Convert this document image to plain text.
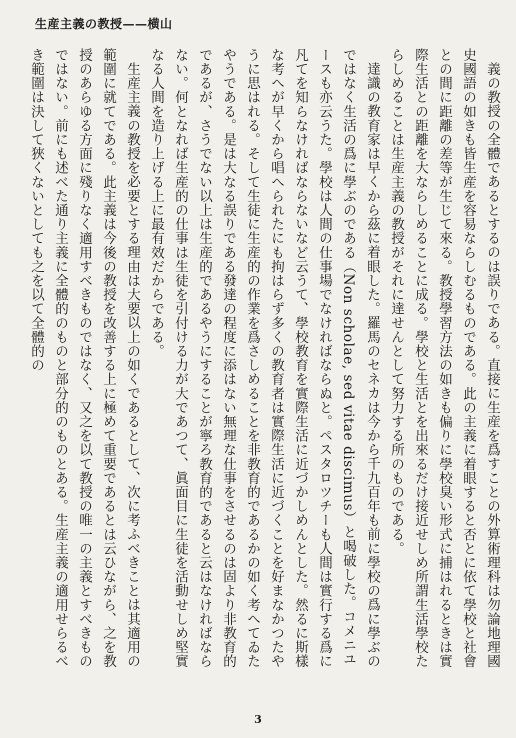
生産主義の教授——横山

義の教授の全體であるとするのは誤りである。直接に生産を爲すことの外算術理科は勿論地理國史國語の如きも皆生産を容易ならしむるものである。此の主義に着眼すると否とに依て學校と社會との間に距離の差等が生じて來る。教授學習方法の如きも偏りに學校臭い形式に捕はれるときは實際生活との距離を大ならしめることに成る。學校と生活とを出來るだけ接近せしめ所謂生活學校たらしめることは生産主義の教授がそれに達せんとして努力する所のものである。

達識の教育家は早くから茲に着眼した。羅馬のセネカは今から千九百年も前に學校の爲に學ぶのではなく生活の爲に學ぶのである（Non scholae, sed vitae discimus）と喝破した。コメニユースも亦云うた。學校は人間の仕事場でなければならぬと。ペスタロツチーも人間は實行する爲に凡てを知らなければならないなど云うて、學校教育を實際生活に近づかしめんとした。然るに斯樣な考へが早くから唱へられたにも拘はらず多くの教育者は實際生活に近づくことを好まなかつたやうに思はれる。そして生徒に生産的の作業を爲さしめることを非教育的であるかの如く考へてゐたやうである。是は大なる誤りである發達の程度に添はない無理な仕事をさせるのは固より非教育的であるが、さうでない以上は生産的であるやうにすることが寧ろ教育的であると云はなければならない。何となれば生産的の仕事は生徒を引付ける力が大であつて、眞面目に生徒を活動せしめ堅實なる人間を造り上げる上に最有效だからである。

生産主義の教授を必要とする理由は大要以上の如くであるとして、次に考ふべきことは其適用の範圍に就てである。此主義は今後の教授を改善する上に極めて重要であるとは云ひながら、之を教授のあらゆる方面に殘りなく適用すべきものではなく、又之を以て教授の唯一の主義とすべきものではない。前にも述べた通り主義に全體的のものと部分的のものとある。生産主義の適用せらるべき範圍は決して狹くないとしても之を以て全體的の

3
